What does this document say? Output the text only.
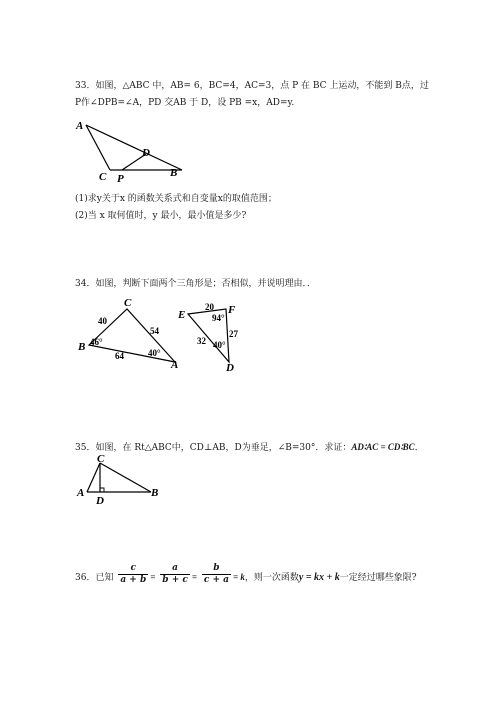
33．如图，△ABC 中，AB= 6，BC=4，AC=3，点 P 在 BC 上运动，不能到 B点，过
P作∠DPB=∠A，PD 交AB 于 D，设 PB =x，AD=y.
A
C P
D
B
(1)求y关于x 的函数关系式和自变量x的取值范围；
(2)当 x 取何值时，y 最小，最小值是多少?
34．如图，判断下面两个三角形是；否相似，并说明理由．．
C
B
A
40
54
64
46°
40°
E	F
D
20
27
32
94°
40°
35．如图，在 Rt△ABC中，CD⊥AB，D为垂足，∠B=30°．求证：AD∶AC = CD∶BC．
C
A
D
B
36．已知 $\frac{c}{a + b} = \frac{a}{b + c} = \frac{b}{c + a} = k$，则一次函数y = kx + k一定经过哪些象限?
